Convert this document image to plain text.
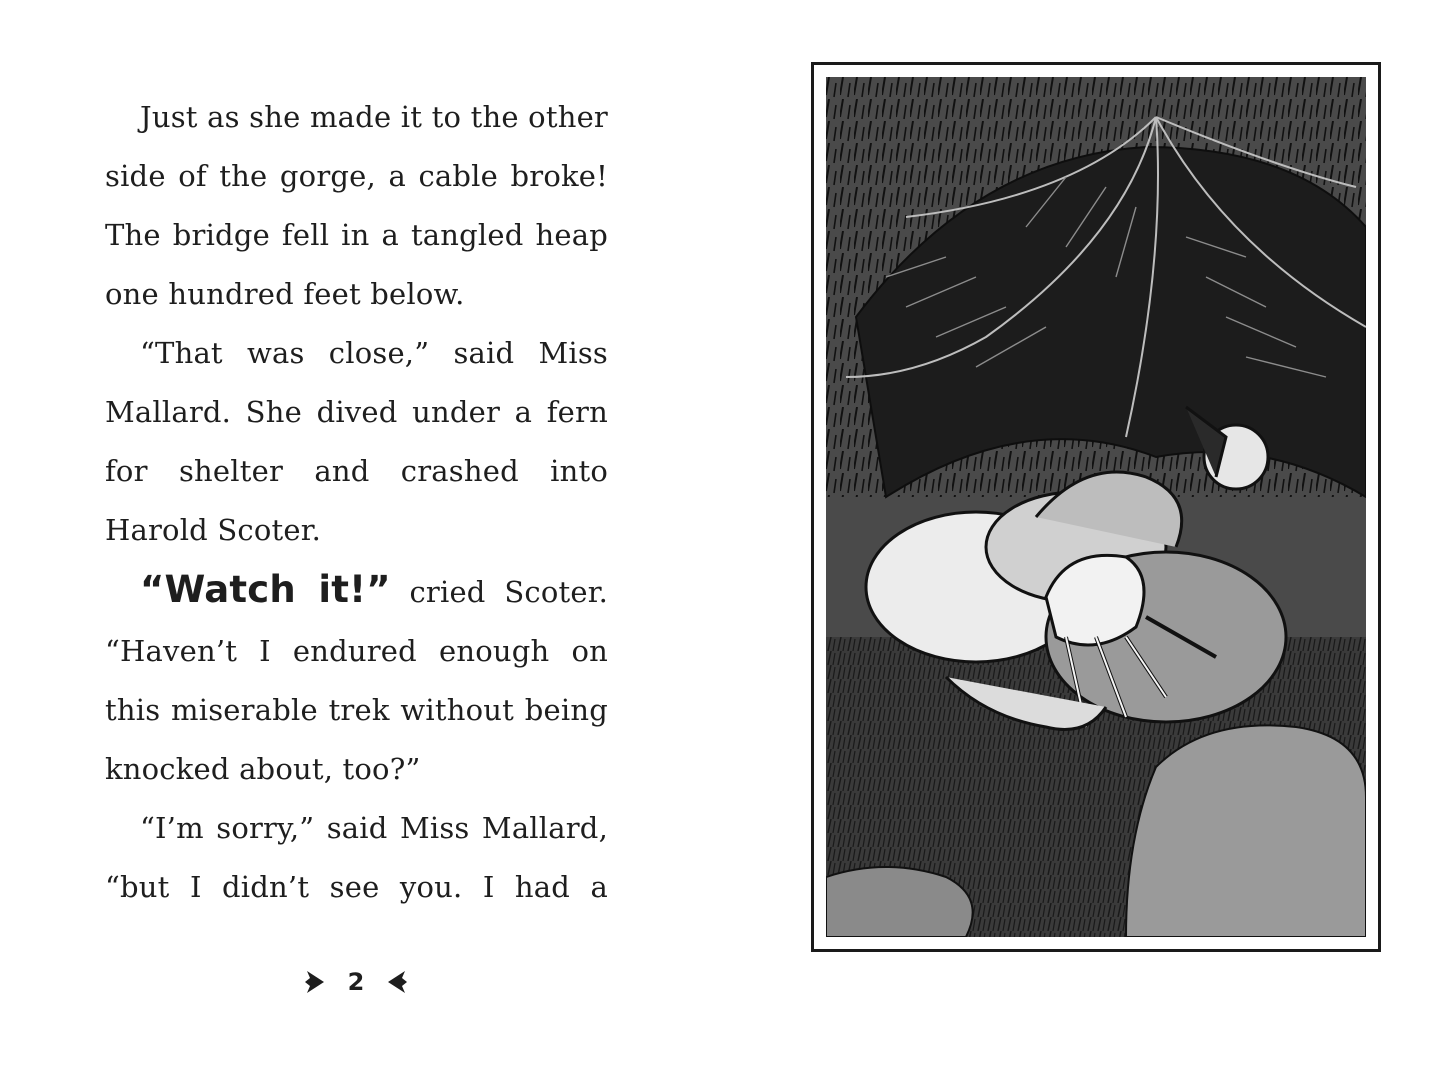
Just as she made it to the other side of the gorge, a cable broke! The bridge fell in a tangled heap one hundred feet below.

“That was close,” said Miss Mallard. She dived under a fern for shelter and crashed into Harold Scoter.

“Watch it!” cried Scoter. “Haven’t I endured enough on this miserable trek without being knocked about, too?”

“I’m sorry,” said Miss Mallard, “but I didn’t see you. I had a

2
